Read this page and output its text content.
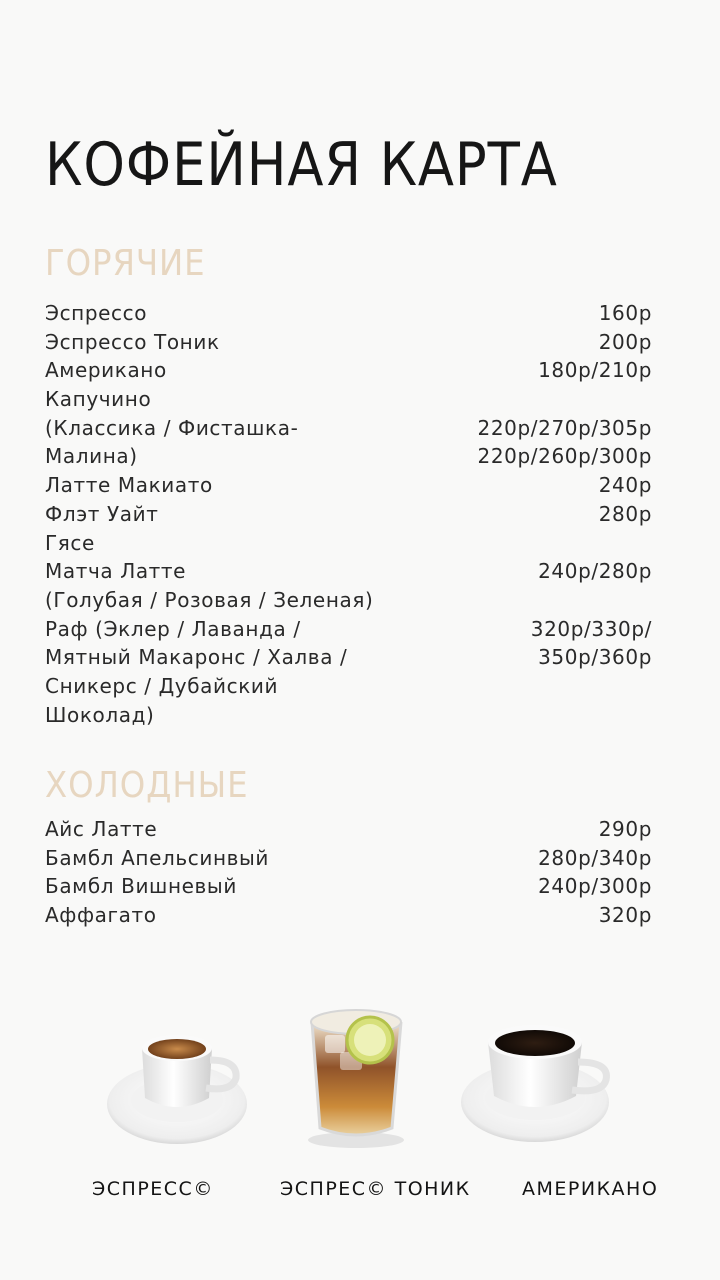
КОФЕЙНАЯ КАРТА
ГОРЯЧИЕ
Эспрессо	160р
Эспрессо Тоник	200р
Американо	180р/210р
Капучино
(Классика / Фисташка-	220р/270р/305р
Малина)	220р/260р/300р
Латте Макиато	240р
Флэт Уайт	280р
Гясе
Матча Латте	240р/280р
(Голубая / Розовая / Зеленая)
Раф (Эклер / Лаванда /	320р/330р/
Мятный Макаронс / Халва /	350р/360р
Сникерс / Дубайский
Шоколад)
ХОЛОДНЫЕ
Айс Латте	290р
Бамбл Апельсинвый	280р/340р
Бамбл Вишневый	240р/300р
Аффагато	320р
ЭСПРЕСС©	ЭСПРЕС© ТОНИК	АМЕРИКАНО
